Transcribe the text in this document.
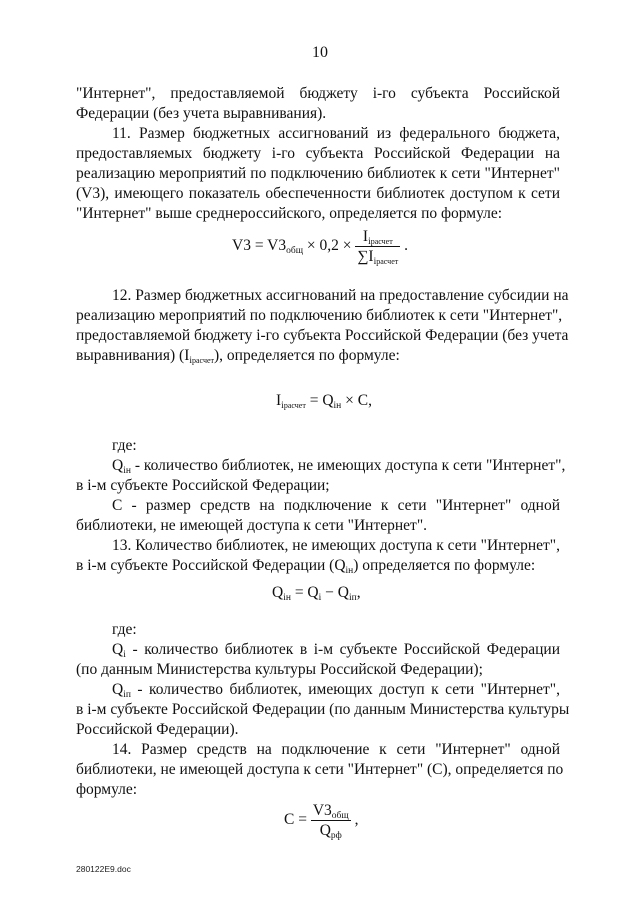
10
"Интернет", предоставляемой бюджету i-го субъекта Российской
Федерации (без учета выравнивания).
11. Размер бюджетных ассигнований из федерального бюджета,
предоставляемых бюджету i-го субъекта Российской Федерации на
реализацию мероприятий по подключению библиотек к сети "Интернет"
(V3), имеющего показатель обеспеченности библиотек доступом к сети
"Интернет" выше среднероссийского, определяется по формуле:
$V3 = V3_{общ} \times 0,2 \times \frac{I_{iрасчет}}{\sum I_{iрасчет}}$ .
12. Размер бюджетных ассигнований на предоставление субсидии на
реализацию мероприятий по подключению библиотек к сети "Интернет",
предоставляемой бюджету i-го субъекта Российской Федерации (без учета
выравнивания) $(I_{iрасчет})$, определяется по формуле:
$I_{iрасчет} = Q_{iн} \times C$,
где:
$Q_{iн}$ - количество библиотек, не имеющих доступа к сети "Интернет",
в i-м субъекте Российской Федерации;
С - размер средств на подключение к сети "Интернет" одной
библиотеки, не имеющей доступа к сети "Интернет".
13. Количество библиотек, не имеющих доступа к сети "Интернет",
в i-м субъекте Российской Федерации $(Q_{iн})$ определяется по формуле:
$Q_{iн} = Q_i - Q_{iп}$,
где:
$Q_i$ - количество библиотек в i-м субъекте Российской Федерации
(по данным Министерства культуры Российской Федерации);
$Q_{iп}$ - количество библиотек, имеющих доступ к сети "Интернет",
в i-м субъекте Российской Федерации (по данным Министерства культуры
Российской Федерации).
14. Размер средств на подключение к сети "Интернет" одной
библиотеки, не имеющей доступа к сети "Интернет" (С), определяется по
формуле:
$C = \frac{V3_{общ}}{Q_{рф}}$ ,
280122E9.doc
